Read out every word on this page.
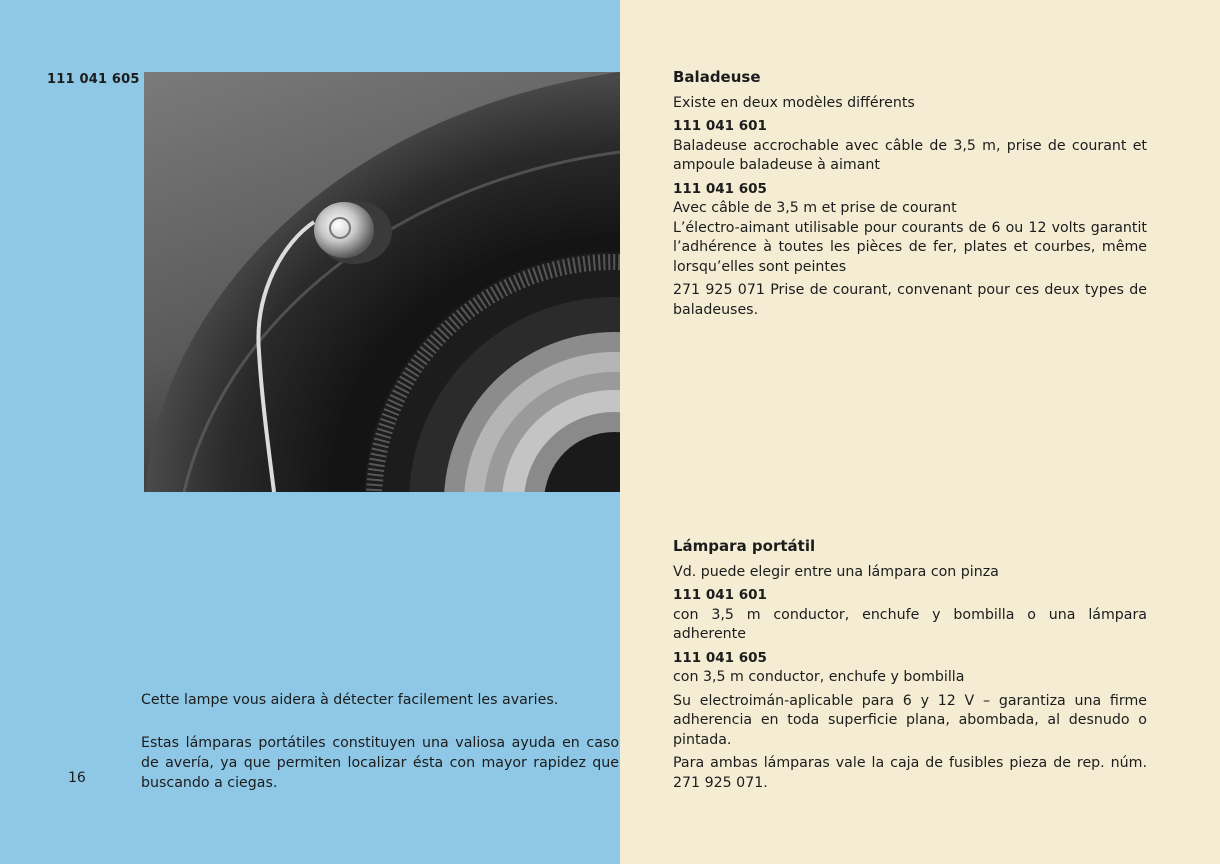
111 041 605
Cette lampe vous aidera à détecter facilement les avaries.
Estas lámparas portátiles constituyen una valiosa ayuda en caso de avería, ya que permiten localizar ésta con mayor rapidez que buscando a ciegas.
16
Baladeuse

Existe en deux modèles différents

111 041 601

Baladeuse accrochable avec câble de 3,5 m, prise de courant et ampoule baladeuse à aimant

111 041 605

Avec câble de 3,5 m et prise de courant

L’électro-aimant utilisable pour courants de 6 ou 12 volts garantit l’adhérence à toutes les pièces de fer, plates et courbes, même lorsqu’elles sont peintes

271 925 071 Prise de courant, convenant pour ces deux types de baladeuses.

Lámpara portátil

Vd. puede elegir entre una lámpara con pinza

111 041 601

con 3,5 m conductor, enchufe y bombilla o una lámpara adherente

111 041 605

con 3,5 m conductor, enchufe y bombilla

Su electroimán-aplicable para 6 y 12 V – garantiza una firme adherencia en toda superficie plana, abombada, al desnudo o pintada.

Para ambas lámparas vale la caja de fusibles pieza de rep. núm. 271 925 071.
